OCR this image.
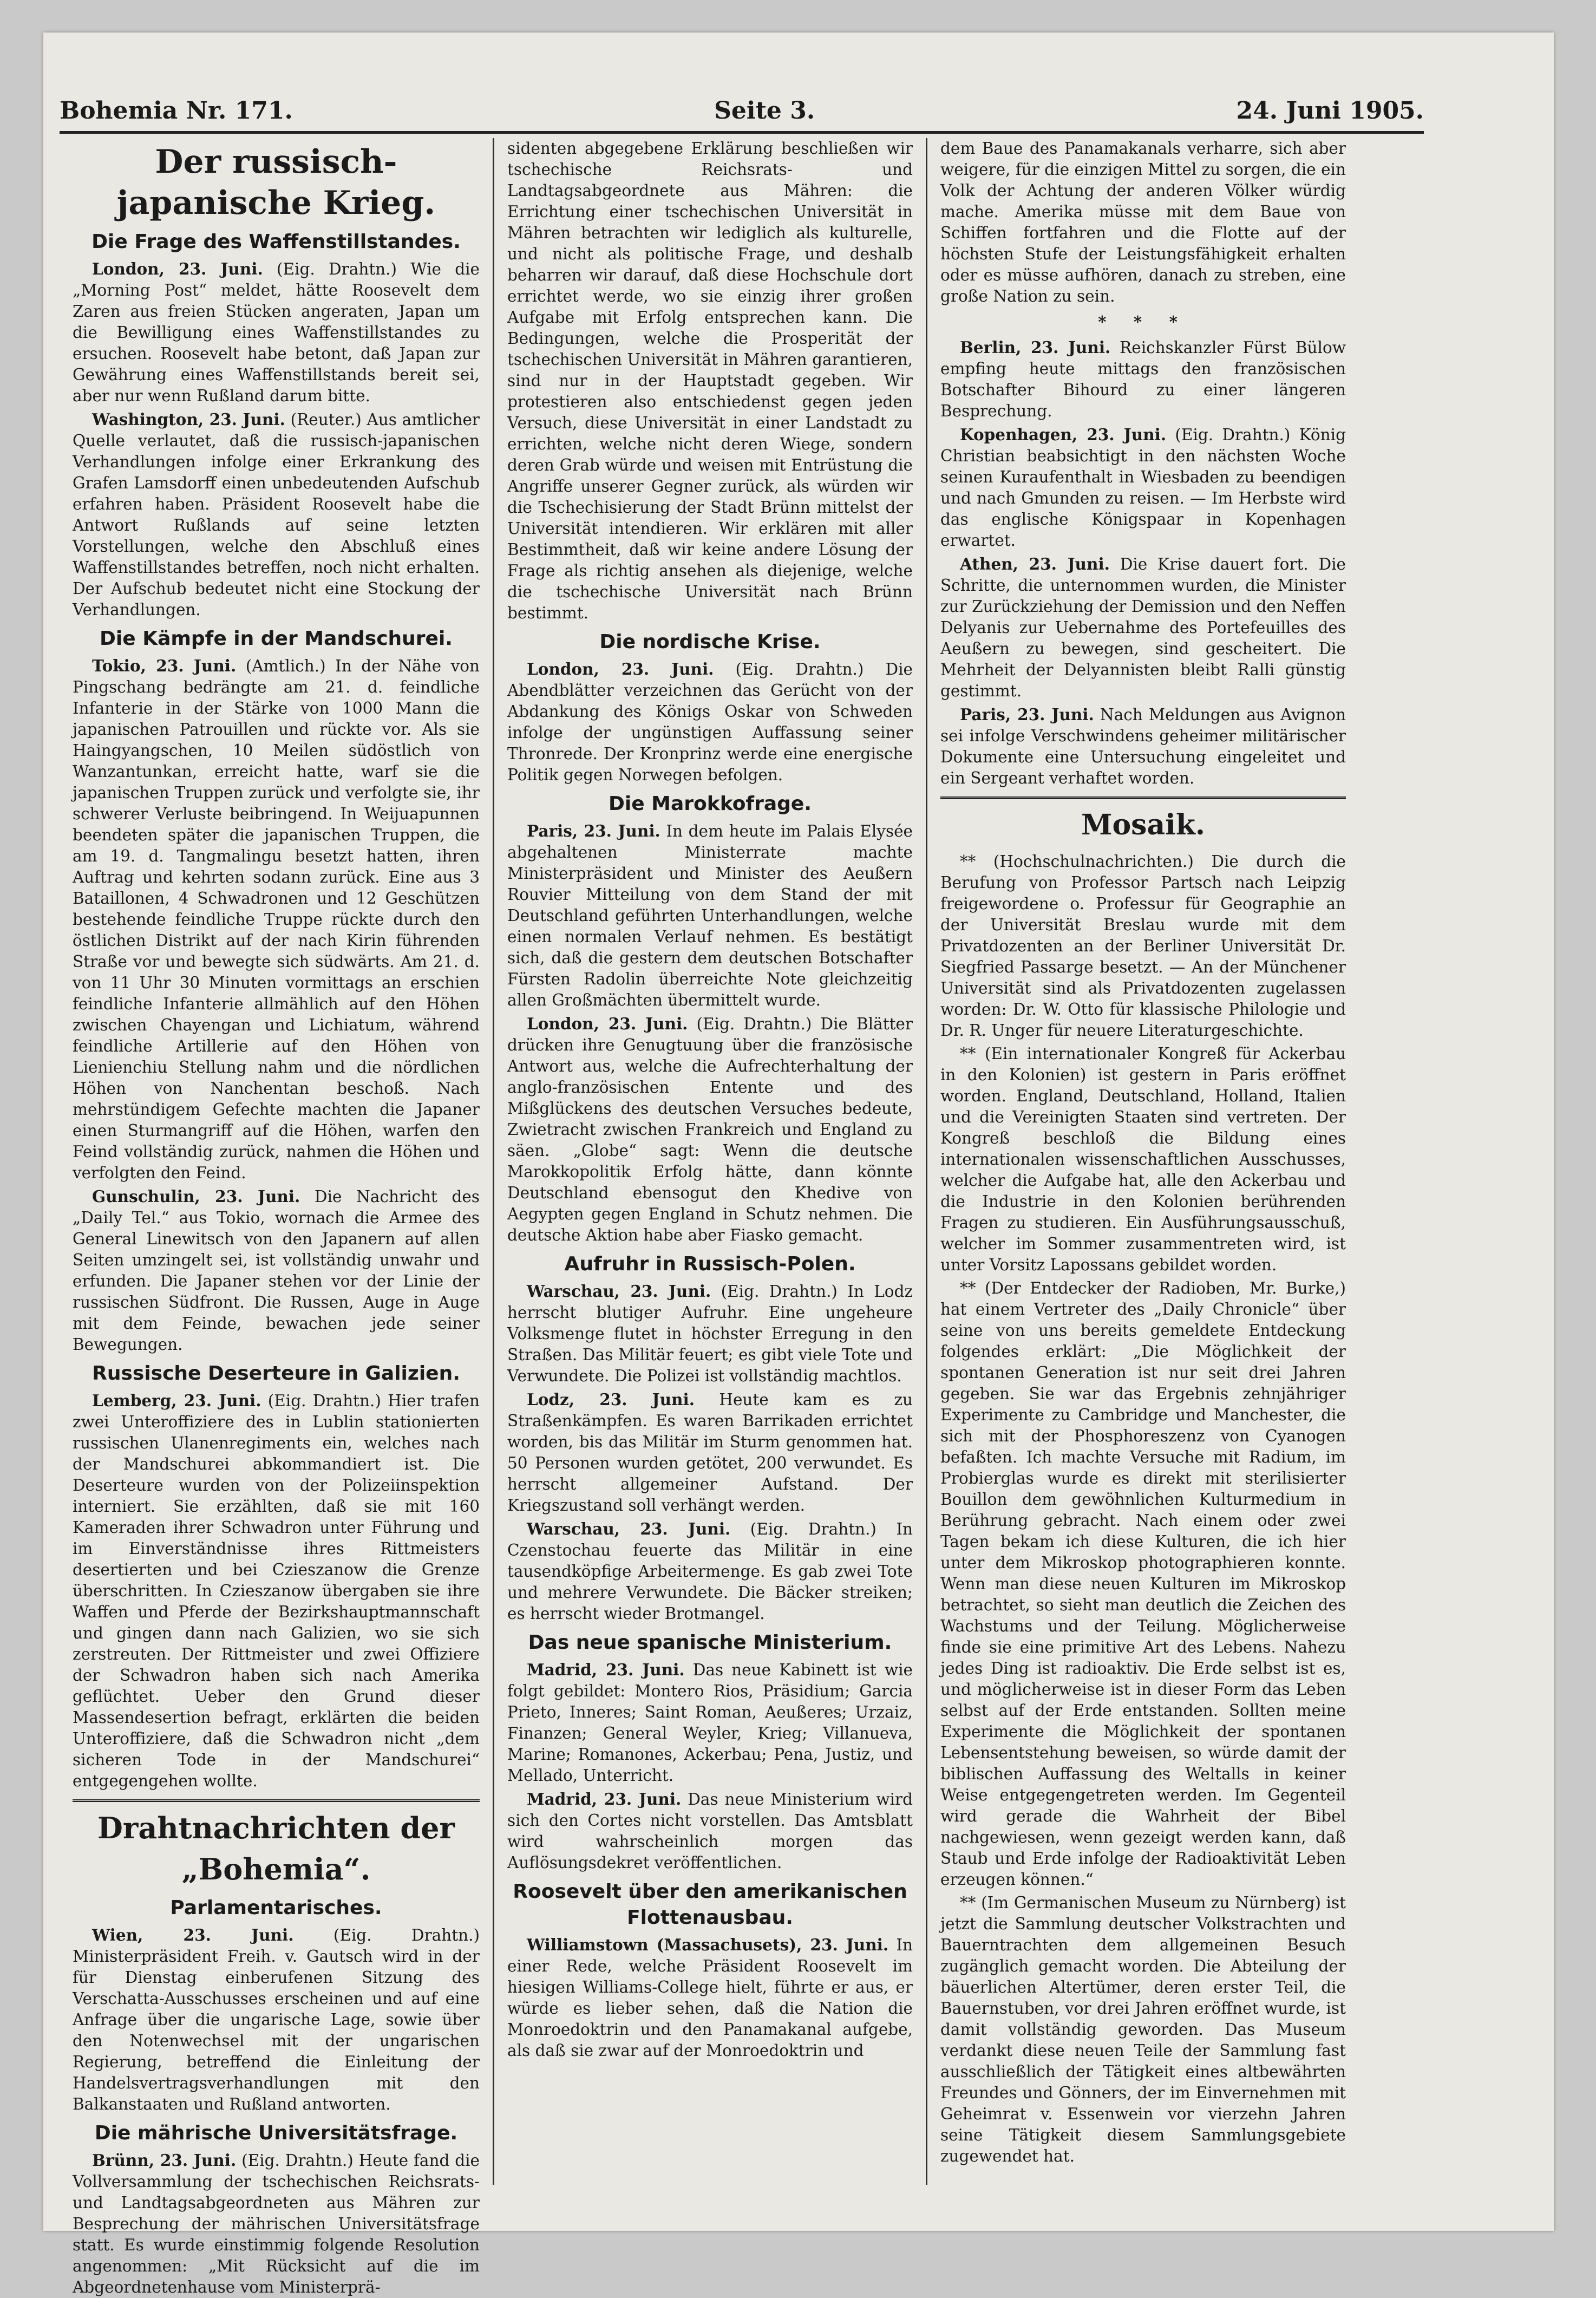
Bohemia Nr. 171.	Seite 3.	24. Juni 1905.
Der russisch-japanische Krieg.
Die Frage des Waffenstillstandes.

London, 23. Juni. (Eig. Drahtn.) Wie die „Morning Post“ meldet, hätte Roosevelt dem Zaren aus freien Stücken angeraten, Japan um die Bewilligung eines Waffenstillstandes zu ersuchen. Roosevelt habe betont, daß Japan zur Gewährung eines Waffenstillstands bereit sei, aber nur wenn Rußland darum bitte.

Washington, 23. Juni. (Reuter.) Aus amtlicher Quelle verlautet, daß die russisch-japanischen Verhandlungen infolge einer Erkrankung des Grafen Lamsdorff einen unbedeutenden Aufschub erfahren haben. Präsident Roosevelt habe die Antwort Rußlands auf seine letzten Vorstellungen, welche den Abschluß eines Waffenstillstandes betreffen, noch nicht erhalten. Der Aufschub bedeutet nicht eine Stockung der Verhandlungen.

Die Kämpfe in der Mandschurei.

Tokio, 23. Juni. (Amtlich.) In der Nähe von Pingschang bedrängte am 21. d. feindliche Infanterie in der Stärke von 1000 Mann die japanischen Patrouillen und rückte vor. Als sie Haingyangschen, 10 Meilen südöstlich von Wanzantunkan, erreicht hatte, warf sie die japanischen Truppen zurück und verfolgte sie, ihr schwerer Verluste beibringend. In Weijuapunnen beendeten später die japanischen Truppen, die am 19. d. Tangmalingu besetzt hatten, ihren Auftrag und kehrten sodann zurück. Eine aus 3 Bataillonen, 4 Schwadronen und 12 Geschützen bestehende feindliche Truppe rückte durch den östlichen Distrikt auf der nach Kirin führenden Straße vor und bewegte sich südwärts. Am 21. d. von 11 Uhr 30 Minuten vormittags an erschien feindliche Infanterie allmählich auf den Höhen zwischen Chayengan und Lichiatum, während feindliche Artillerie auf den Höhen von Lienienchiu Stellung nahm und die nördlichen Höhen von Nanchentan beschoß. Nach mehrstündigem Gefechte machten die Japaner einen Sturmangriff auf die Höhen, warfen den Feind vollständig zurück, nahmen die Höhen und verfolgten den Feind.

Gunschulin, 23. Juni. Die Nachricht des „Daily Tel.“ aus Tokio, wornach die Armee des General Linewitsch von den Japanern auf allen Seiten umzingelt sei, ist vollständig unwahr und erfunden. Die Japaner stehen vor der Linie der russischen Südfront. Die Russen, Auge in Auge mit dem Feinde, bewachen jede seiner Bewegungen.

Russische Deserteure in Galizien.

Lemberg, 23. Juni. (Eig. Drahtn.) Hier trafen zwei Unteroffiziere des in Lublin stationierten russischen Ulanenregiments ein, welches nach der Mandschurei abkommandiert ist. Die Deserteure wurden von der Polizeiinspektion interniert. Sie erzählten, daß sie mit 160 Kameraden ihrer Schwadron unter Führung und im Einverständnisse ihres Rittmeisters desertierten und bei Czieszanow die Grenze überschritten. In Czieszanow übergaben sie ihre Waffen und Pferde der Bezirkshauptmannschaft und gingen dann nach Galizien, wo sie sich zerstreuten. Der Rittmeister und zwei Offiziere der Schwadron haben sich nach Amerika geflüchtet. Ueber den Grund dieser Massendesertion befragt, erklärten die beiden Unteroffiziere, daß die Schwadron nicht „dem sicheren Tode in der Mandschurei“ entgegengehen wollte.

Drahtnachrichten der „Bohemia“.
Parlamentarisches.

Wien, 23. Juni. (Eig. Drahtn.) Ministerpräsident Freih. v. Gautsch wird in der für Dienstag einberufenen Sitzung des Verschatta-Ausschusses erscheinen und auf eine Anfrage über die ungarische Lage, sowie über den Notenwechsel mit der ungarischen Regierung, betreffend die Einleitung der Handelsvertragsverhandlungen mit den Balkanstaaten und Rußland antworten.

Die mährische Universitätsfrage.

Brünn, 23. Juni. (Eig. Drahtn.) Heute fand die Vollversammlung der tschechischen Reichsrats- und Landtagsabgeordneten aus Mähren zur Besprechung der mährischen Universitätsfrage statt. Es wurde einstimmig folgende Resolution angenommen: „Mit Rücksicht auf die im Abgeordnetenhause vom Ministerprä-

sidenten abgegebene Erklärung beschließen wir tschechische Reichsrats- und Landtagsabgeordnete aus Mähren: die Errichtung einer tschechischen Universität in Mähren betrachten wir lediglich als kulturelle, und nicht als politische Frage, und deshalb beharren wir darauf, daß diese Hochschule dort errichtet werde, wo sie einzig ihrer großen Aufgabe mit Erfolg entsprechen kann. Die Bedingungen, welche die Prosperität der tschechischen Universität in Mähren garantieren, sind nur in der Hauptstadt gegeben. Wir protestieren also entschiedenst gegen jeden Versuch, diese Universität in einer Landstadt zu errichten, welche nicht deren Wiege, sondern deren Grab würde und weisen mit Entrüstung die Angriffe unserer Gegner zurück, als würden wir die Tschechisierung der Stadt Brünn mittelst der Universität intendieren. Wir erklären mit aller Bestimmtheit, daß wir keine andere Lösung der Frage als richtig ansehen als diejenige, welche die tschechische Universität nach Brünn bestimmt.

Die nordische Krise.

London, 23. Juni. (Eig. Drahtn.) Die Abendblätter verzeichnen das Gerücht von der Abdankung des Königs Oskar von Schweden infolge der ungünstigen Auffassung seiner Thronrede. Der Kronprinz werde eine energische Politik gegen Norwegen befolgen.

Die Marokkofrage.

Paris, 23. Juni. In dem heute im Palais Elysée abgehaltenen Ministerrate machte Ministerpräsident und Minister des Aeußern Rouvier Mitteilung von dem Stand der mit Deutschland geführten Unterhandlungen, welche einen normalen Verlauf nehmen. Es bestätigt sich, daß die gestern dem deutschen Botschafter Fürsten Radolin überreichte Note gleichzeitig allen Großmächten übermittelt wurde.

London, 23. Juni. (Eig. Drahtn.) Die Blätter drücken ihre Genugtuung über die französische Antwort aus, welche die Aufrechterhaltung der anglo-französischen Entente und des Mißglückens des deutschen Versuches bedeute, Zwietracht zwischen Frankreich und England zu säen. „Globe“ sagt: Wenn die deutsche Marokkopolitik Erfolg hätte, dann könnte Deutschland ebensogut den Khedive von Aegypten gegen England in Schutz nehmen. Die deutsche Aktion habe aber Fiasko gemacht.

Aufruhr in Russisch-Polen.

Warschau, 23. Juni. (Eig. Drahtn.) In Lodz herrscht blutiger Aufruhr. Eine ungeheure Volksmenge flutet in höchster Erregung in den Straßen. Das Militär feuert; es gibt viele Tote und Verwundete. Die Polizei ist vollständig machtlos.

Lodz, 23. Juni. Heute kam es zu Straßenkämpfen. Es waren Barrikaden errichtet worden, bis das Militär im Sturm genommen hat. 50 Personen wurden getötet, 200 verwundet. Es herrscht allgemeiner Aufstand. Der Kriegszustand soll verhängt werden.

Warschau, 23. Juni. (Eig. Drahtn.) In Czenstochau feuerte das Militär in eine tausendköpfige Arbeitermenge. Es gab zwei Tote und mehrere Verwundete. Die Bäcker streiken; es herrscht wieder Brotmangel.

Das neue spanische Ministerium.

Madrid, 23. Juni. Das neue Kabinett ist wie folgt gebildet: Montero Rios, Präsidium; Garcia Prieto, Inneres; Saint Roman, Aeußeres; Urzaiz, Finanzen; General Weyler, Krieg; Villanueva, Marine; Romanones, Ackerbau; Pena, Justiz, und Mellado, Unterricht.

Madrid, 23. Juni. Das neue Ministerium wird sich den Cortes nicht vorstellen. Das Amtsblatt wird wahrscheinlich morgen das Auflösungsdekret veröffentlichen.

Roosevelt über den amerikanischen Flottenausbau.

Williamstown (Massachusets), 23. Juni. In einer Rede, welche Präsident Roosevelt im hiesigen Williams-College hielt, führte er aus, er würde es lieber sehen, daß die Nation die Monroedoktrin und den Panamakanal aufgebe, als daß sie zwar auf der Monroedoktrin und

dem Baue des Panamakanals verharre, sich aber weigere, für die einzigen Mittel zu sorgen, die ein Volk der Achtung der anderen Völker würdig mache. Amerika müsse mit dem Baue von Schiffen fortfahren und die Flotte auf der höchsten Stufe der Leistungsfähigkeit erhalten oder es müsse aufhören, danach zu streben, eine große Nation zu sein.

* * *

Berlin, 23. Juni. Reichskanzler Fürst Bülow empfing heute mittags den französischen Botschafter Bihourd zu einer längeren Besprechung.

Kopenhagen, 23. Juni. (Eig. Drahtn.) König Christian beabsichtigt in den nächsten Woche seinen Kuraufenthalt in Wiesbaden zu beendigen und nach Gmunden zu reisen. — Im Herbste wird das englische Königspaar in Kopenhagen erwartet.

Athen, 23. Juni. Die Krise dauert fort. Die Schritte, die unternommen wurden, die Minister zur Zurückziehung der Demission und den Neffen Delyanis zur Uebernahme des Portefeuilles des Aeußern zu bewegen, sind gescheitert. Die Mehrheit der Delyannisten bleibt Ralli günstig gestimmt.

Paris, 23. Juni. Nach Meldungen aus Avignon sei infolge Verschwindens geheimer militärischer Dokumente eine Untersuchung eingeleitet und ein Sergeant verhaftet worden.

Mosaik.

** (Hochschulnachrichten.) Die durch die Berufung von Professor Partsch nach Leipzig freigewordene o. Professur für Geographie an der Universität Breslau wurde mit dem Privatdozenten an der Berliner Universität Dr. Siegfried Passarge besetzt. — An der Münchener Universität sind als Privatdozenten zugelassen worden: Dr. W. Otto für klassische Philologie und Dr. R. Unger für neuere Literaturgeschichte.

** (Ein internationaler Kongreß für Ackerbau in den Kolonien) ist gestern in Paris eröffnet worden. England, Deutschland, Holland, Italien und die Vereinigten Staaten sind vertreten. Der Kongreß beschloß die Bildung eines internationalen wissenschaftlichen Ausschusses, welcher die Aufgabe hat, alle den Ackerbau und die Industrie in den Kolonien berührenden Fragen zu studieren. Ein Ausführungsausschuß, welcher im Sommer zusammentreten wird, ist unter Vorsitz Lapossans gebildet worden.

** (Der Entdecker der Radioben, Mr. Burke,) hat einem Vertreter des „Daily Chronicle“ über seine von uns bereits gemeldete Entdeckung folgendes erklärt: „Die Möglichkeit der spontanen Generation ist nur seit drei Jahren gegeben. Sie war das Ergebnis zehnjähriger Experimente zu Cambridge und Manchester, die sich mit der Phosphoreszenz von Cyanogen befaßten. Ich machte Versuche mit Radium, im Probierglas wurde es direkt mit sterilisierter Bouillon dem gewöhnlichen Kulturmedium in Berührung gebracht. Nach einem oder zwei Tagen bekam ich diese Kulturen, die ich hier unter dem Mikroskop photographieren konnte. Wenn man diese neuen Kulturen im Mikroskop betrachtet, so sieht man deutlich die Zeichen des Wachstums und der Teilung. Möglicherweise finde sie eine primitive Art des Lebens. Nahezu jedes Ding ist radioaktiv. Die Erde selbst ist es, und möglicherweise ist in dieser Form das Leben selbst auf der Erde entstanden. Sollten meine Experimente die Möglichkeit der spontanen Lebensentstehung beweisen, so würde damit der biblischen Auffassung des Weltalls in keiner Weise entgegengetreten werden. Im Gegenteil wird gerade die Wahrheit der Bibel nachgewiesen, wenn gezeigt werden kann, daß Staub und Erde infolge der Radioaktivität Leben erzeugen können.“

** (Im Germanischen Museum zu Nürnberg) ist jetzt die Sammlung deutscher Volkstrachten und Bauerntrachten dem allgemeinen Besuch zugänglich gemacht worden. Die Abteilung der bäuerlichen Altertümer, deren erster Teil, die Bauernstuben, vor drei Jahren eröffnet wurde, ist damit vollständig geworden. Das Museum verdankt diese neuen Teile der Sammlung fast ausschließlich der Tätigkeit eines altbewährten Freundes und Gönners, der im Einvernehmen mit Geheimrat v. Essenwein vor vierzehn Jahren seine Tätigkeit diesem Sammlungsgebiete zugewendet hat.
